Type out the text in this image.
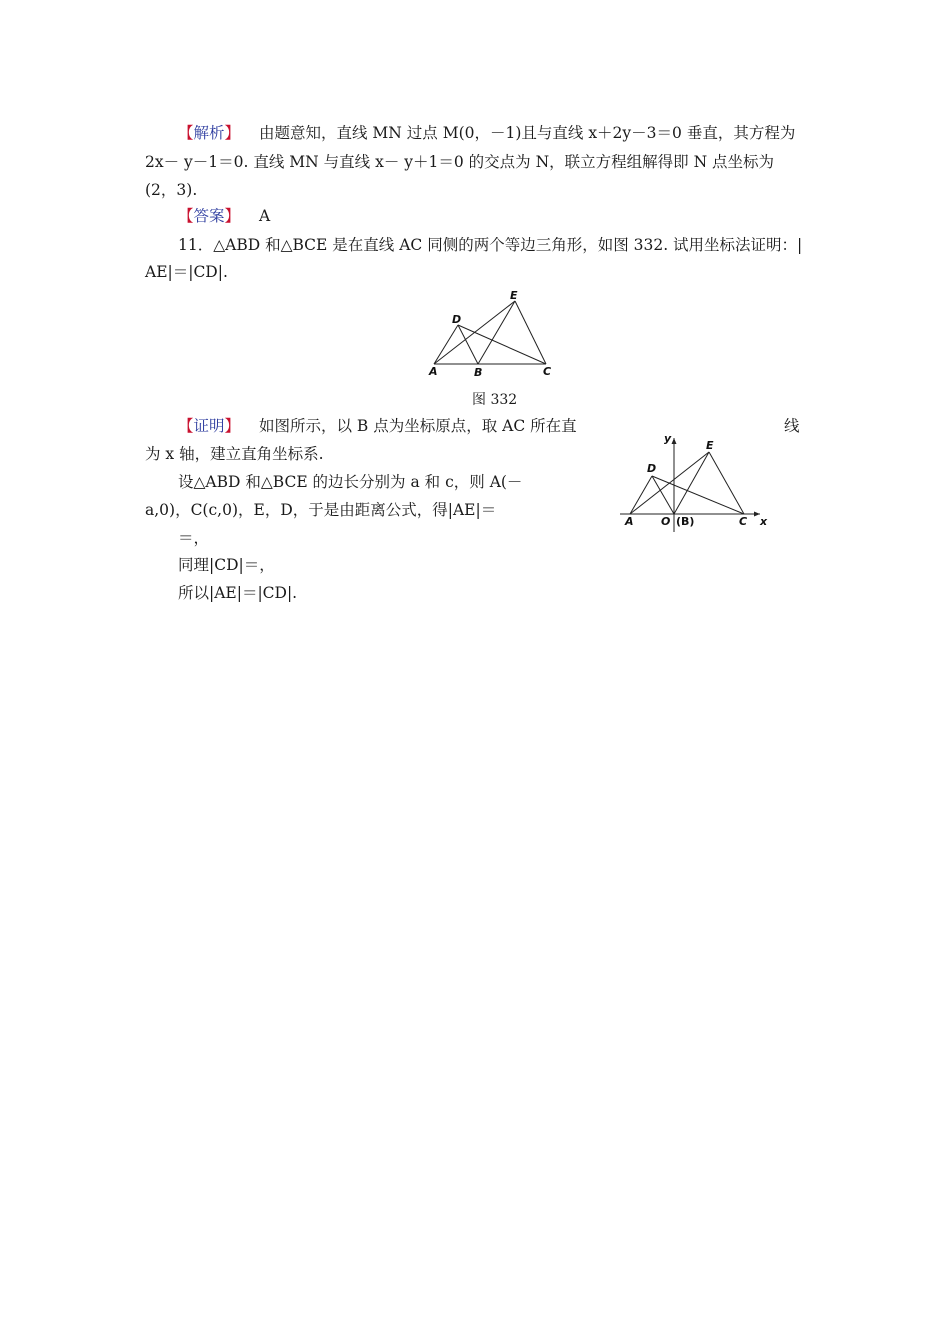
【解析】 由题意知，直线 MN 过点 M(0，－1)且与直线 x＋2y－3＝0 垂直，其方程为
2x－ y－1＝0. 直线 MN 与直线 x－ y＋1＝0 的交点为 N，联立方程组解得即 N 点坐标为
(2，3).
【答案】 A
11．△ABD 和△BCE 是在直线 AC 同侧的两个等边三角形，如图 332. 试用坐标法证明：|
AE|＝|CD|.
A	B	C
D
E
图 332
【证明】 如图所示，以 B 点为坐标原点，取 AC 所在直	线
为 x 轴，建立直角坐标系.
设△ABD 和△BCE 的边长分别为 a 和 c，则 A(－
a,0)，C(c,0)，E，D，于是由距离公式，得|AE|＝
＝，
同理|CD|＝，
所以|AE|＝|CD|.
y
E
D
A O (B)	C x
